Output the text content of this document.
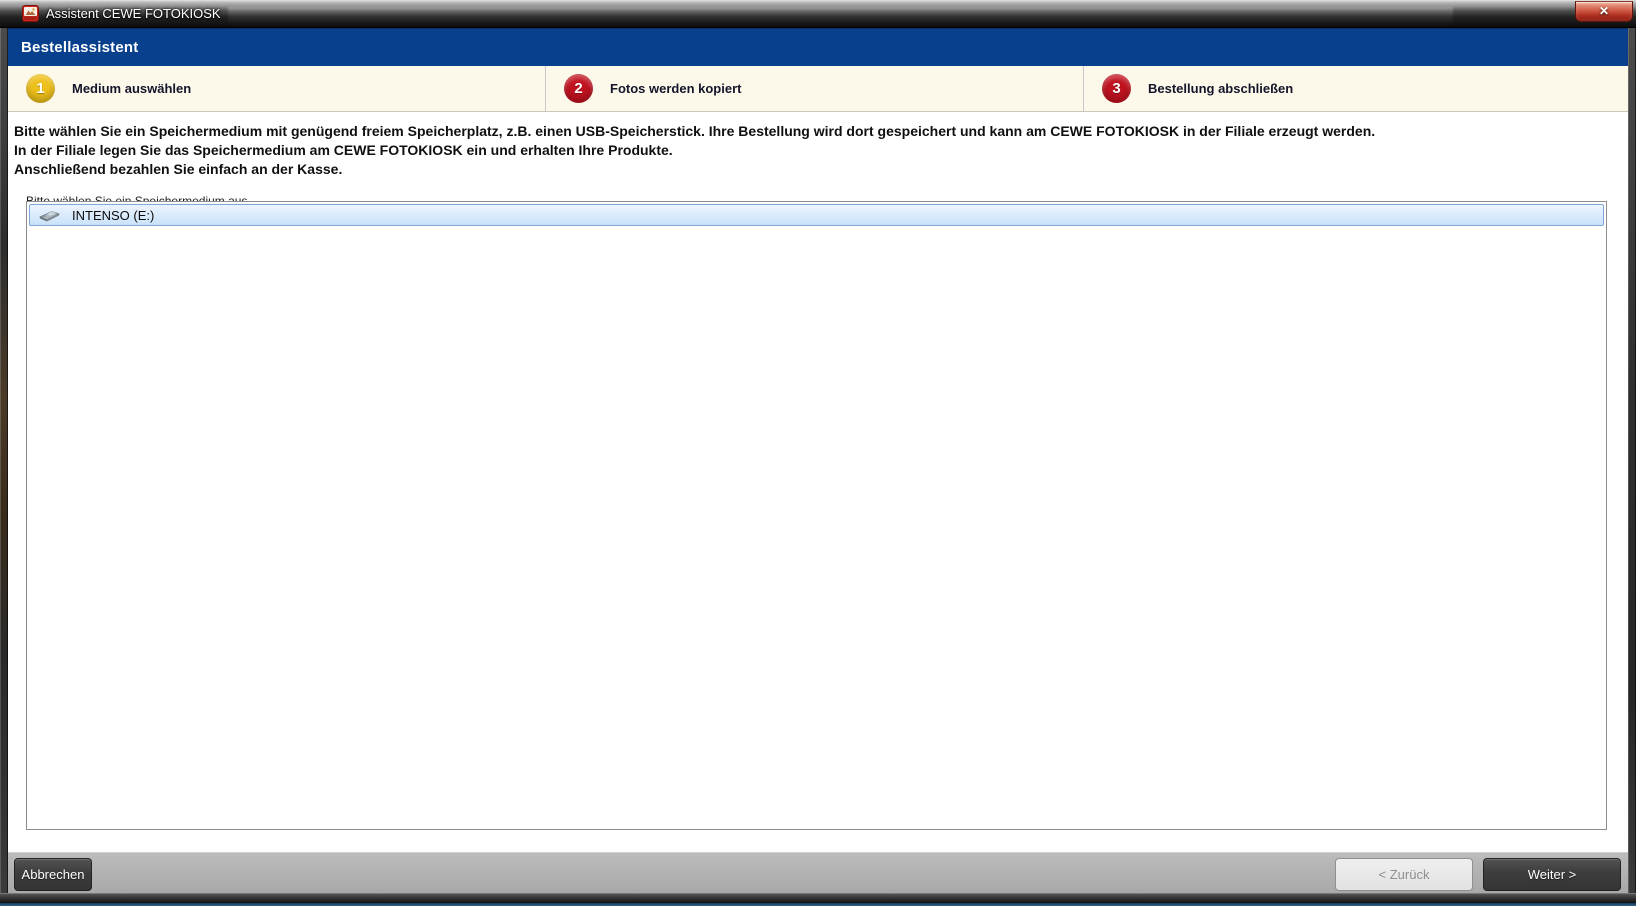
Assistent CEWE FOTOKIOSK	✕
Bestellassistent
1	Medium auswählen	2	Fotos werden kopiert	3	Bestellung abschließen
Bitte wählen Sie ein Speichermedium mit genügend freiem Speicherplatz, z.B. einen USB-Speicherstick. Ihre Bestellung wird dort gespeichert und kann am CEWE FOTOKIOSK in der Filiale erzeugt werden.
In der Filiale legen Sie das Speichermedium am CEWE FOTOKIOSK ein und erhalten Ihre Produkte.
Anschließend bezahlen Sie einfach an der Kasse.
INTENSO (E:)
Abbrechen	< Zurück	Weiter >
